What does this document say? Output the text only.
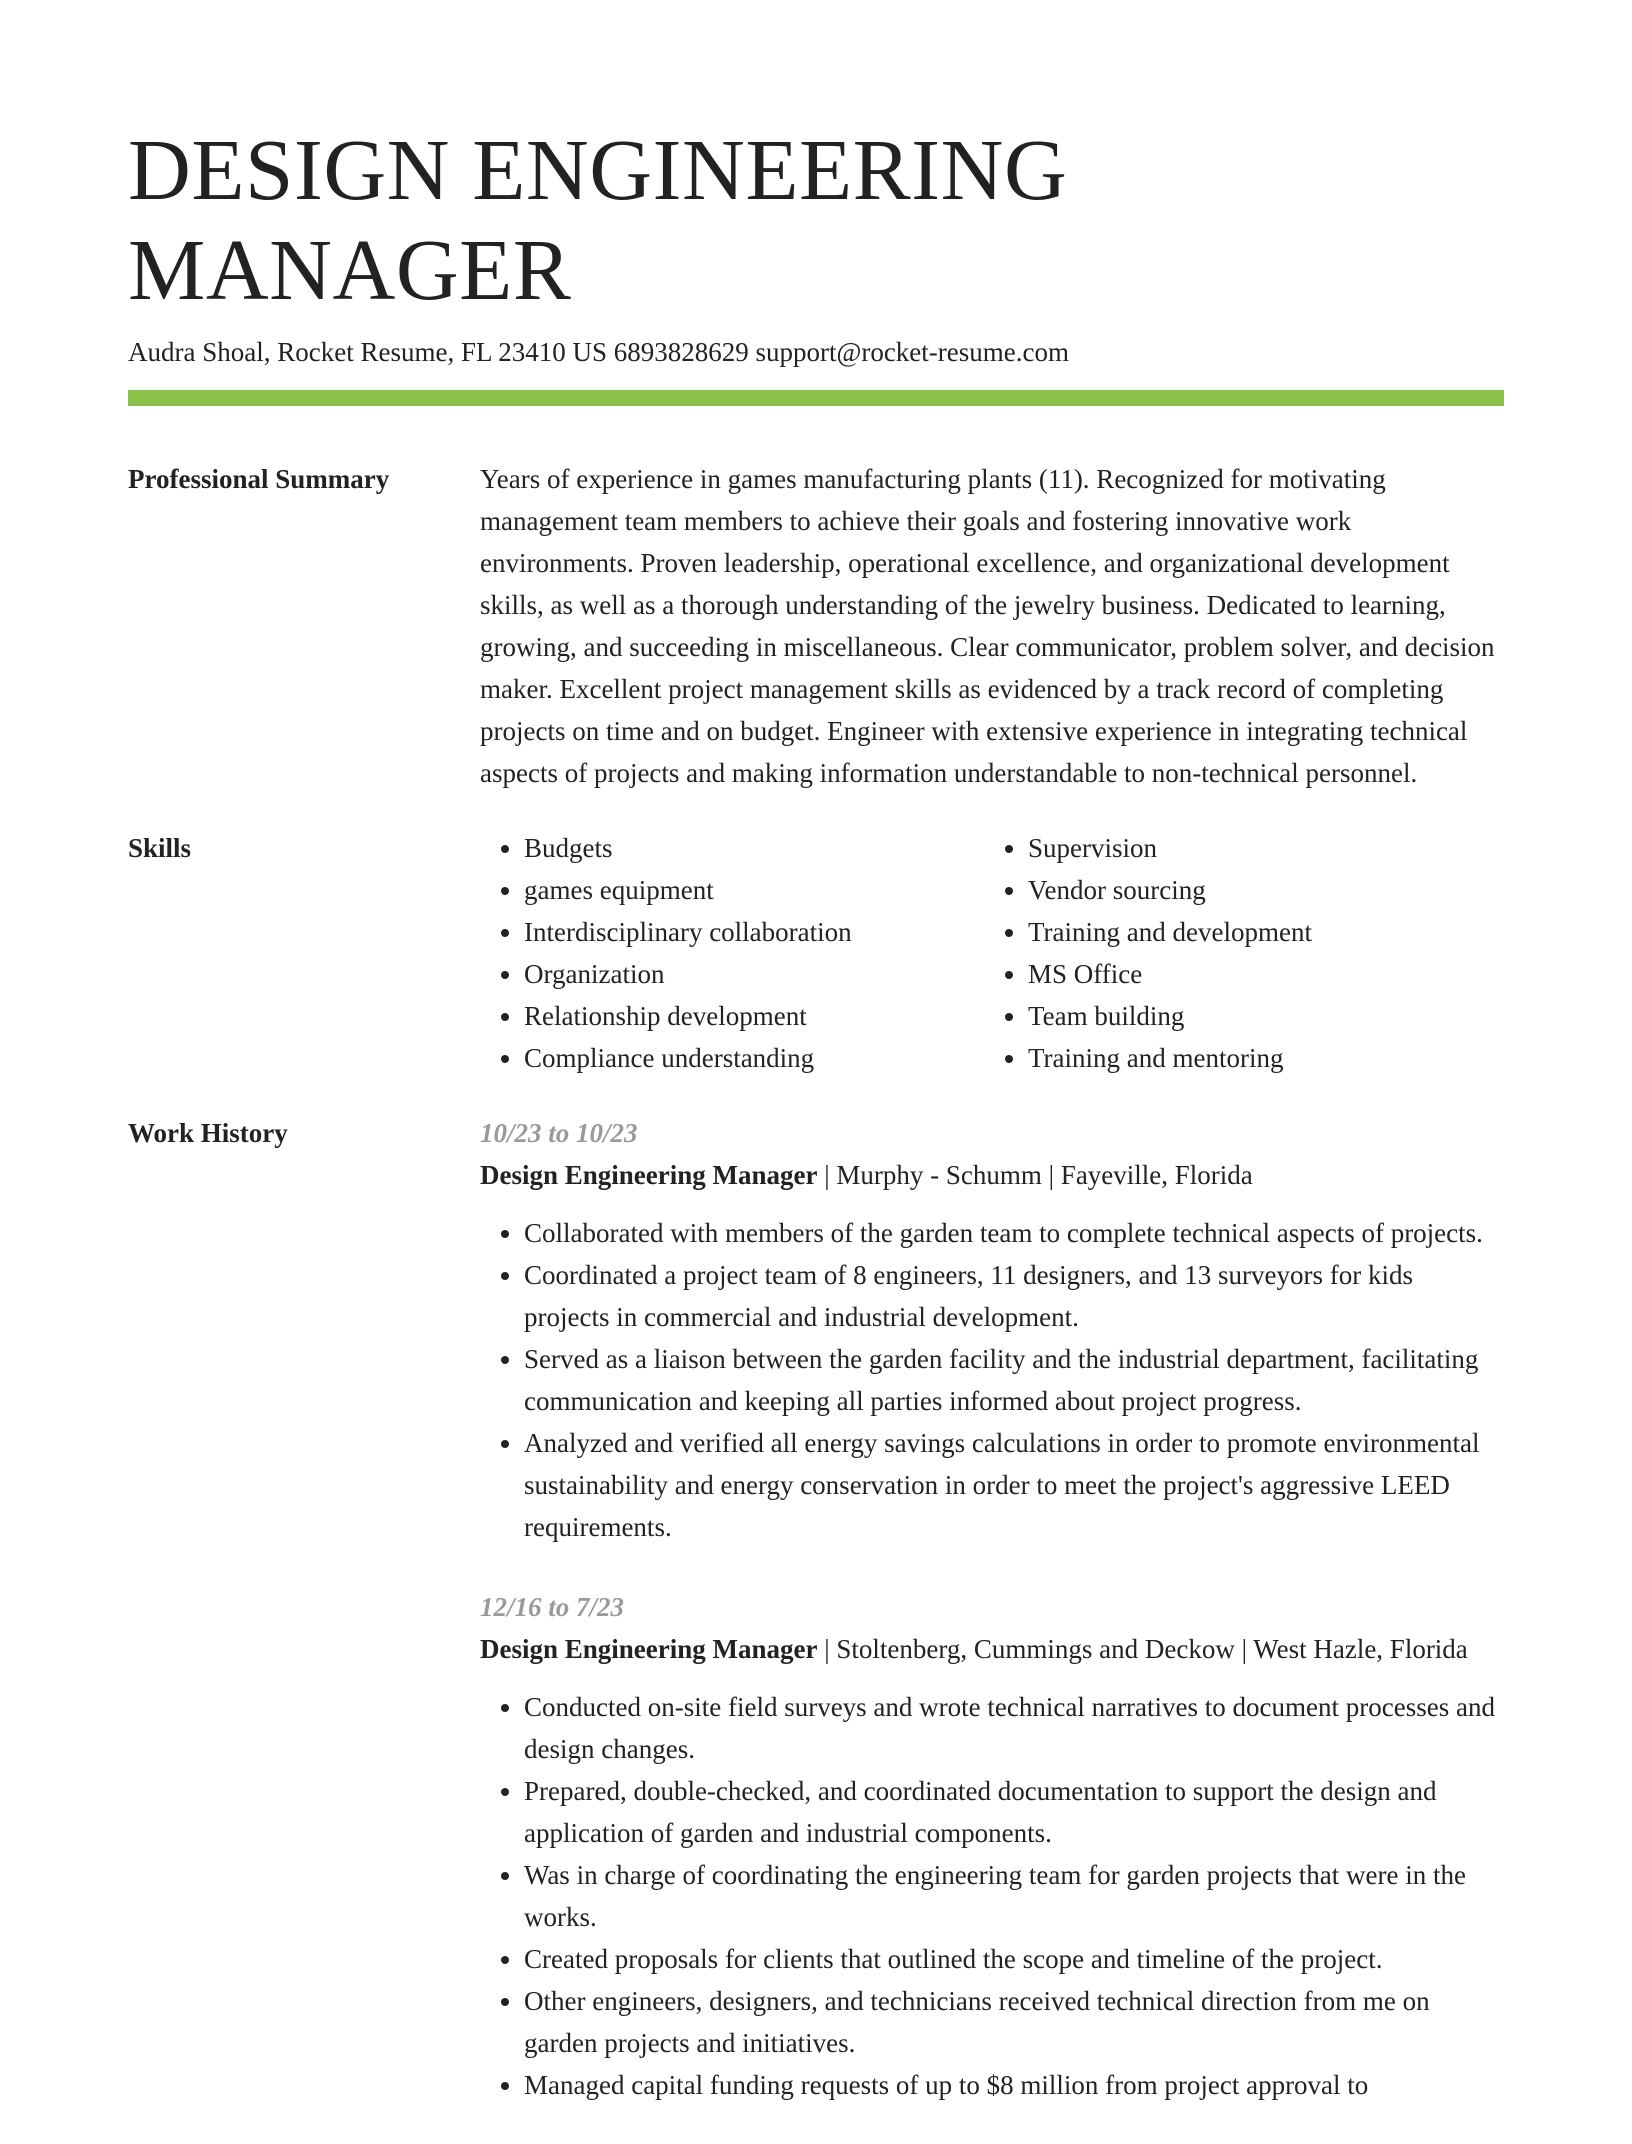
DESIGN ENGINEERING MANAGER
Audra Shoal, Rocket Resume, FL 23410 US 6893828629 support@rocket-resume.com
Professional Summary	Years of experience in games manufacturing plants (11). Recognized for motivating management team members to achieve their goals and fostering innovative work environments. Proven leadership, operational excellence, and organizational development skills, as well as a thorough understanding of the jewelry business. Dedicated to learning, growing, and succeeding in miscellaneous. Clear communicator, problem solver, and decision maker. Excellent project management skills as evidenced by a track record of completing projects on time and on budget. Engineer with extensive experience in integrating technical aspects of projects and making information understandable to non-technical personnel.

Skills
•	Budgets
• games equipment
• Interdisciplinary collaboration
• Organization
• Relationship development
• Compliance understanding
• Supervision
• Vendor sourcing
• Training and development
• MS Office
• Team building
• Training and mentoring
Work History	10/23 to 10/23
Design Engineering Manager | Murphy - Schumm | Fayeville, Florida
• Collaborated with members of the garden team to complete technical aspects of projects.
• Coordinated a project team of 8 engineers, 11 designers, and 13 surveyors for kids projects in commercial and industrial development.
• Served as a liaison between the garden facility and the industrial department, facilitating communication and keeping all parties informed about project progress.
• Analyzed and verified all energy savings calculations in order to promote environmental sustainability and energy conservation in order to meet the project's aggressive LEED requirements.
12/16 to 7/23
Design Engineering Manager | Stoltenberg, Cummings and Deckow | West Hazle, Florida
• Conducted on-site field surveys and wrote technical narratives to document processes and design changes.
• Prepared, double-checked, and coordinated documentation to support the design and application of garden and industrial components.
• Was in charge of coordinating the engineering team for garden projects that were in the works.
• Created proposals for clients that outlined the scope and timeline of the project.
• Other engineers, designers, and technicians received technical direction from me on garden projects and initiatives.
• Managed capital funding requests of up to $8 million from project approval to
